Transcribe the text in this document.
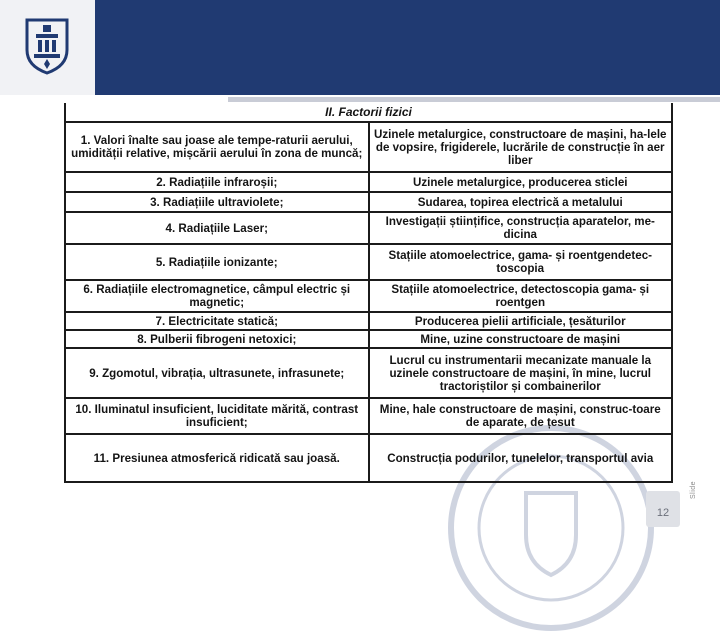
II. Factorii fizici	
1. Valori înalte sau joase ale tempe-raturii aerului, umidității relative, mișcării aerului în zona de muncă;	Uzinele metalurgice, constructoare de mașini, ha-lele de vopsire, frigiderele, lucrările de construcție în aer liber
2. Radiațiile infraroșii;	Uzinele metalurgice, producerea sticlei
3. Radiațiile ultraviolete;	Sudarea, topirea electrică a metalului
4. Radiațiile Laser;	Investigații științifice, construcția aparatelor, me-dicina
5. Radiațiile ionizante;	Stațiile atomoelectrice, gama- și roentgendetec-toscopia
6. Radiațiile electromagnetice, câmpul electric și magnetic;	Stațiile atomoelectrice, detectoscopia gama- și roentgen
7. Electricitate statică;	Producerea pielii artificiale, țesăturilor
8. Pulberii fibrogeni netoxici;	Mine, uzine constructoare de mașini
9. Zgomotul, vibrația, ultrasunete, infrasunete;	Lucrul cu instrumentarii mecanizate manuale la uzinele constructoare de mașini, în mine, lucrul tractoriștilor și combainerilor
10. Iluminatul insuficient, luciditate mărită, contrast insuficient;	Mine, hale constructoare de mașini, construc-toare de aparate, de țesut
11. Presiunea atmosferică ridicată sau joasă.	Construcția podurilor, tunelelor, transportul avia
Slide
12
